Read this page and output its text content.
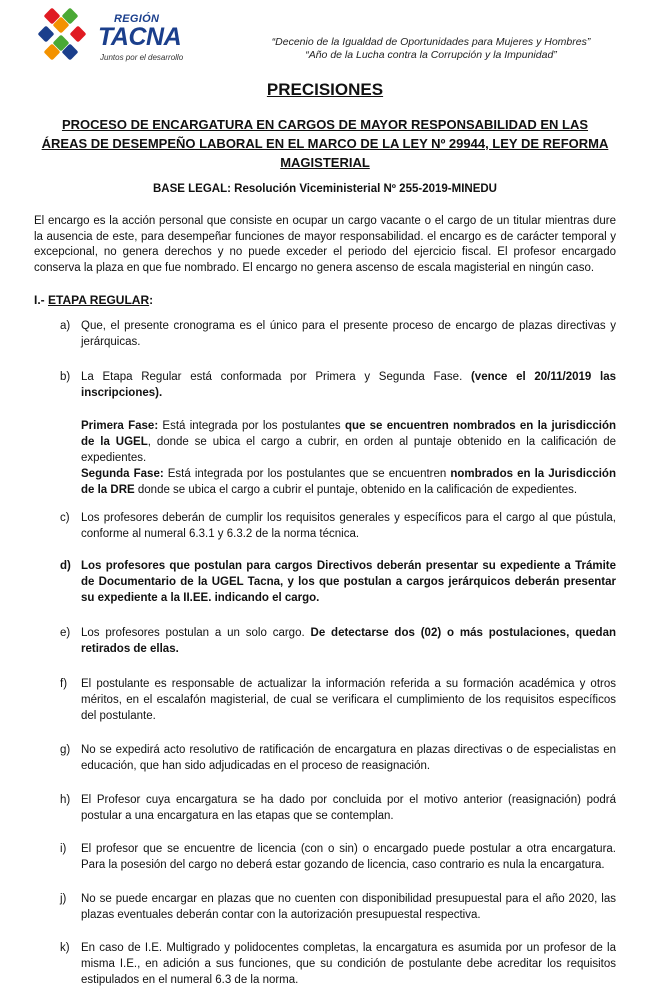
REGIÓN
TACNA
Juntos por el desarrollo
“Decenio de la Igualdad de Oportunidades para Mujeres y Hombres”
“Año de la Lucha contra la Corrupción y la Impunidad”
PRECISIONES
PROCESO DE ENCARGATURA EN CARGOS DE MAYOR RESPONSABILIDAD EN LAS ÁREAS DE DESEMPEÑO LABORAL EN EL MARCO DE LA LEY Nº 29944, LEY DE REFORMA MAGISTERIAL
BASE LEGAL: Resolución Viceministerial Nº 255-2019-MINEDU
El encargo es la acción personal que consiste en ocupar un cargo vacante o el cargo de un titular mientras dure la ausencia de este, para desempeñar funciones de mayor responsabilidad. el encargo es de carácter temporal y excepcional, no genera derechos y no puede exceder el periodo del ejercicio fiscal. El profesor encargado conserva la plaza en que fue nombrado. El encargo no genera ascenso de escala magisterial en ningún caso.
I.- ETAPA REGULAR:
a) Que, el presente cronograma es el único para el presente proceso de encargo de plazas directivas y jerárquicas.
b) La Etapa Regular está conformada por Primera y Segunda Fase. (vence el 20/11/2019 las inscripciones).
Primera Fase: Está integrada por los postulantes que se encuentren nombrados en la jurisdicción de la UGEL, donde se ubica el cargo a cubrir, en orden al puntaje obtenido en la calificación de expedientes.
Segunda Fase: Está integrada por los postulantes que se encuentren nombrados en la Jurisdicción de la DRE donde se ubica el cargo a cubrir el puntaje, obtenido en la calificación de expedientes.
c) Los profesores deberán de cumplir los requisitos generales y específicos para el cargo al que pústula, conforme al numeral 6.3.1 y 6.3.2 de la norma técnica.
d) Los profesores que postulan para cargos Directivos deberán presentar su expediente a Trámite de Documentario de la UGEL Tacna, y los que postulan a cargos jerárquicos deberán presentar su expediente a la II.EE. indicando el cargo.
e) Los profesores postulan a un solo cargo. De detectarse dos (02) o más postulaciones, quedan retirados de ellas.
f)	El postulante es responsable de actualizar la información referida a su formación académica y otros méritos, en el escalafón magisterial, de cual se verificara el cumplimiento de los requisitos específicos del postulante.
g) No se expedirá acto resolutivo de ratificación de encargatura en plazas directivas o de especialistas en educación, que han sido adjudicadas en el proceso de reasignación.
h) El Profesor cuya encargatura se ha dado por concluida por el motivo anterior (reasignación) podrá postular a una encargatura en las etapas que se contemplan.
i)	El profesor que se encuentre de licencia (con o sin) o encargado puede postular a otra encargatura. Para la posesión del cargo no deberá estar gozando de licencia, caso contrario es nula la encargatura.
j)	No se puede encargar en plazas que no cuenten con disponibilidad presupuestal para el año 2020, las plazas eventuales deberán contar con la autorización presupuestal respectiva.
k) En caso de I.E. Multigrado y polidocentes completas, la encargatura es asumida por un profesor de la misma I.E., en adición a sus funciones, que su condición de postulante debe acreditar los requisitos estipulados en el numeral 6.3 de la norma.
